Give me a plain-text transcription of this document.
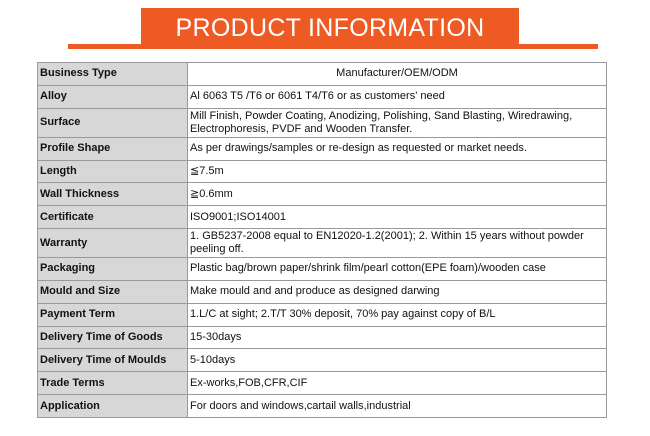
PRODUCT INFORMATION
Business Type	Manufacturer/OEM/ODM
Alloy	Al 6063 T5 /T6 or 6061 T4/T6 or as customers' need
Surface	Mill Finish, Powder Coating, Anodizing, Polishing, Sand Blasting, Wiredrawing, Electrophoresis, PVDF and Wooden Transfer.
Profile Shape	As per drawings/samples or re-design as requested or market needs.
Length	≦7.5m
Wall Thickness	≧0.6mm
Certificate	ISO9001;ISO14001
Warranty	1. GB5237-2008 equal to EN12020-1.2(2001); 2. Within 15 years without powder peeling off.
Packaging	Plastic bag/brown paper/shrink film/pearl cotton(EPE foam)/wooden case
Mould and Size	Make mould and and produce as designed darwing
Payment Term	1.L/C at sight; 2.T/T 30% deposit, 70% pay against copy of B/L
Delivery Time of Goods	15-30days
Delivery Time of Moulds	5-10days
Trade Terms	Ex-works,FOB,CFR,CIF
Application	For doors and windows,cartail walls,industrial
